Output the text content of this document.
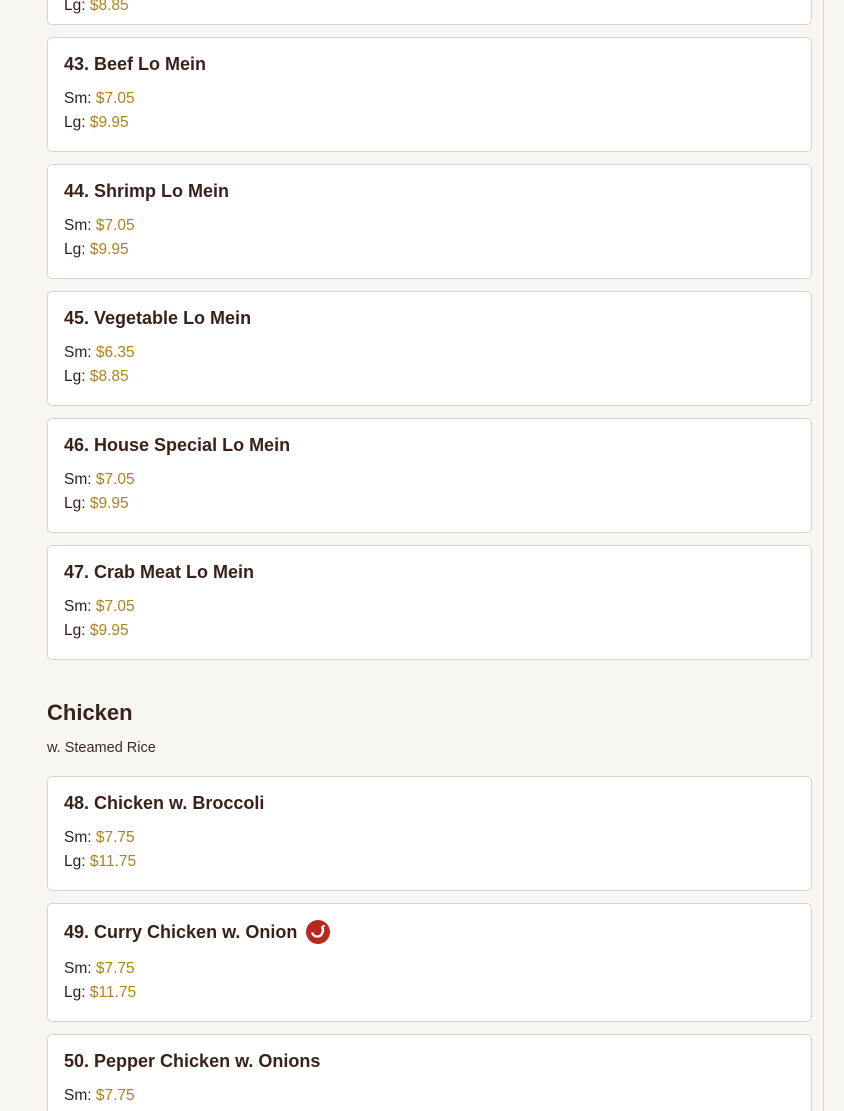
Lg: $8.85
43. Beef Lo Mein
Sm: $7.05
Lg: $9.95
44. Shrimp Lo Mein
Sm: $7.05
Lg: $9.95
45. Vegetable Lo Mein
Sm: $6.35
Lg: $8.85
46. House Special Lo Mein
Sm: $7.05
Lg: $9.95
47. Crab Meat Lo Mein
Sm: $7.05
Lg: $9.95
Chicken
w. Steamed Rice
48. Chicken w. Broccoli
Sm: $7.75
Lg: $11.75
49. Curry Chicken w. Onion
Sm: $7.75
Lg: $11.75
50. Pepper Chicken w. Onions
Sm: $7.75
